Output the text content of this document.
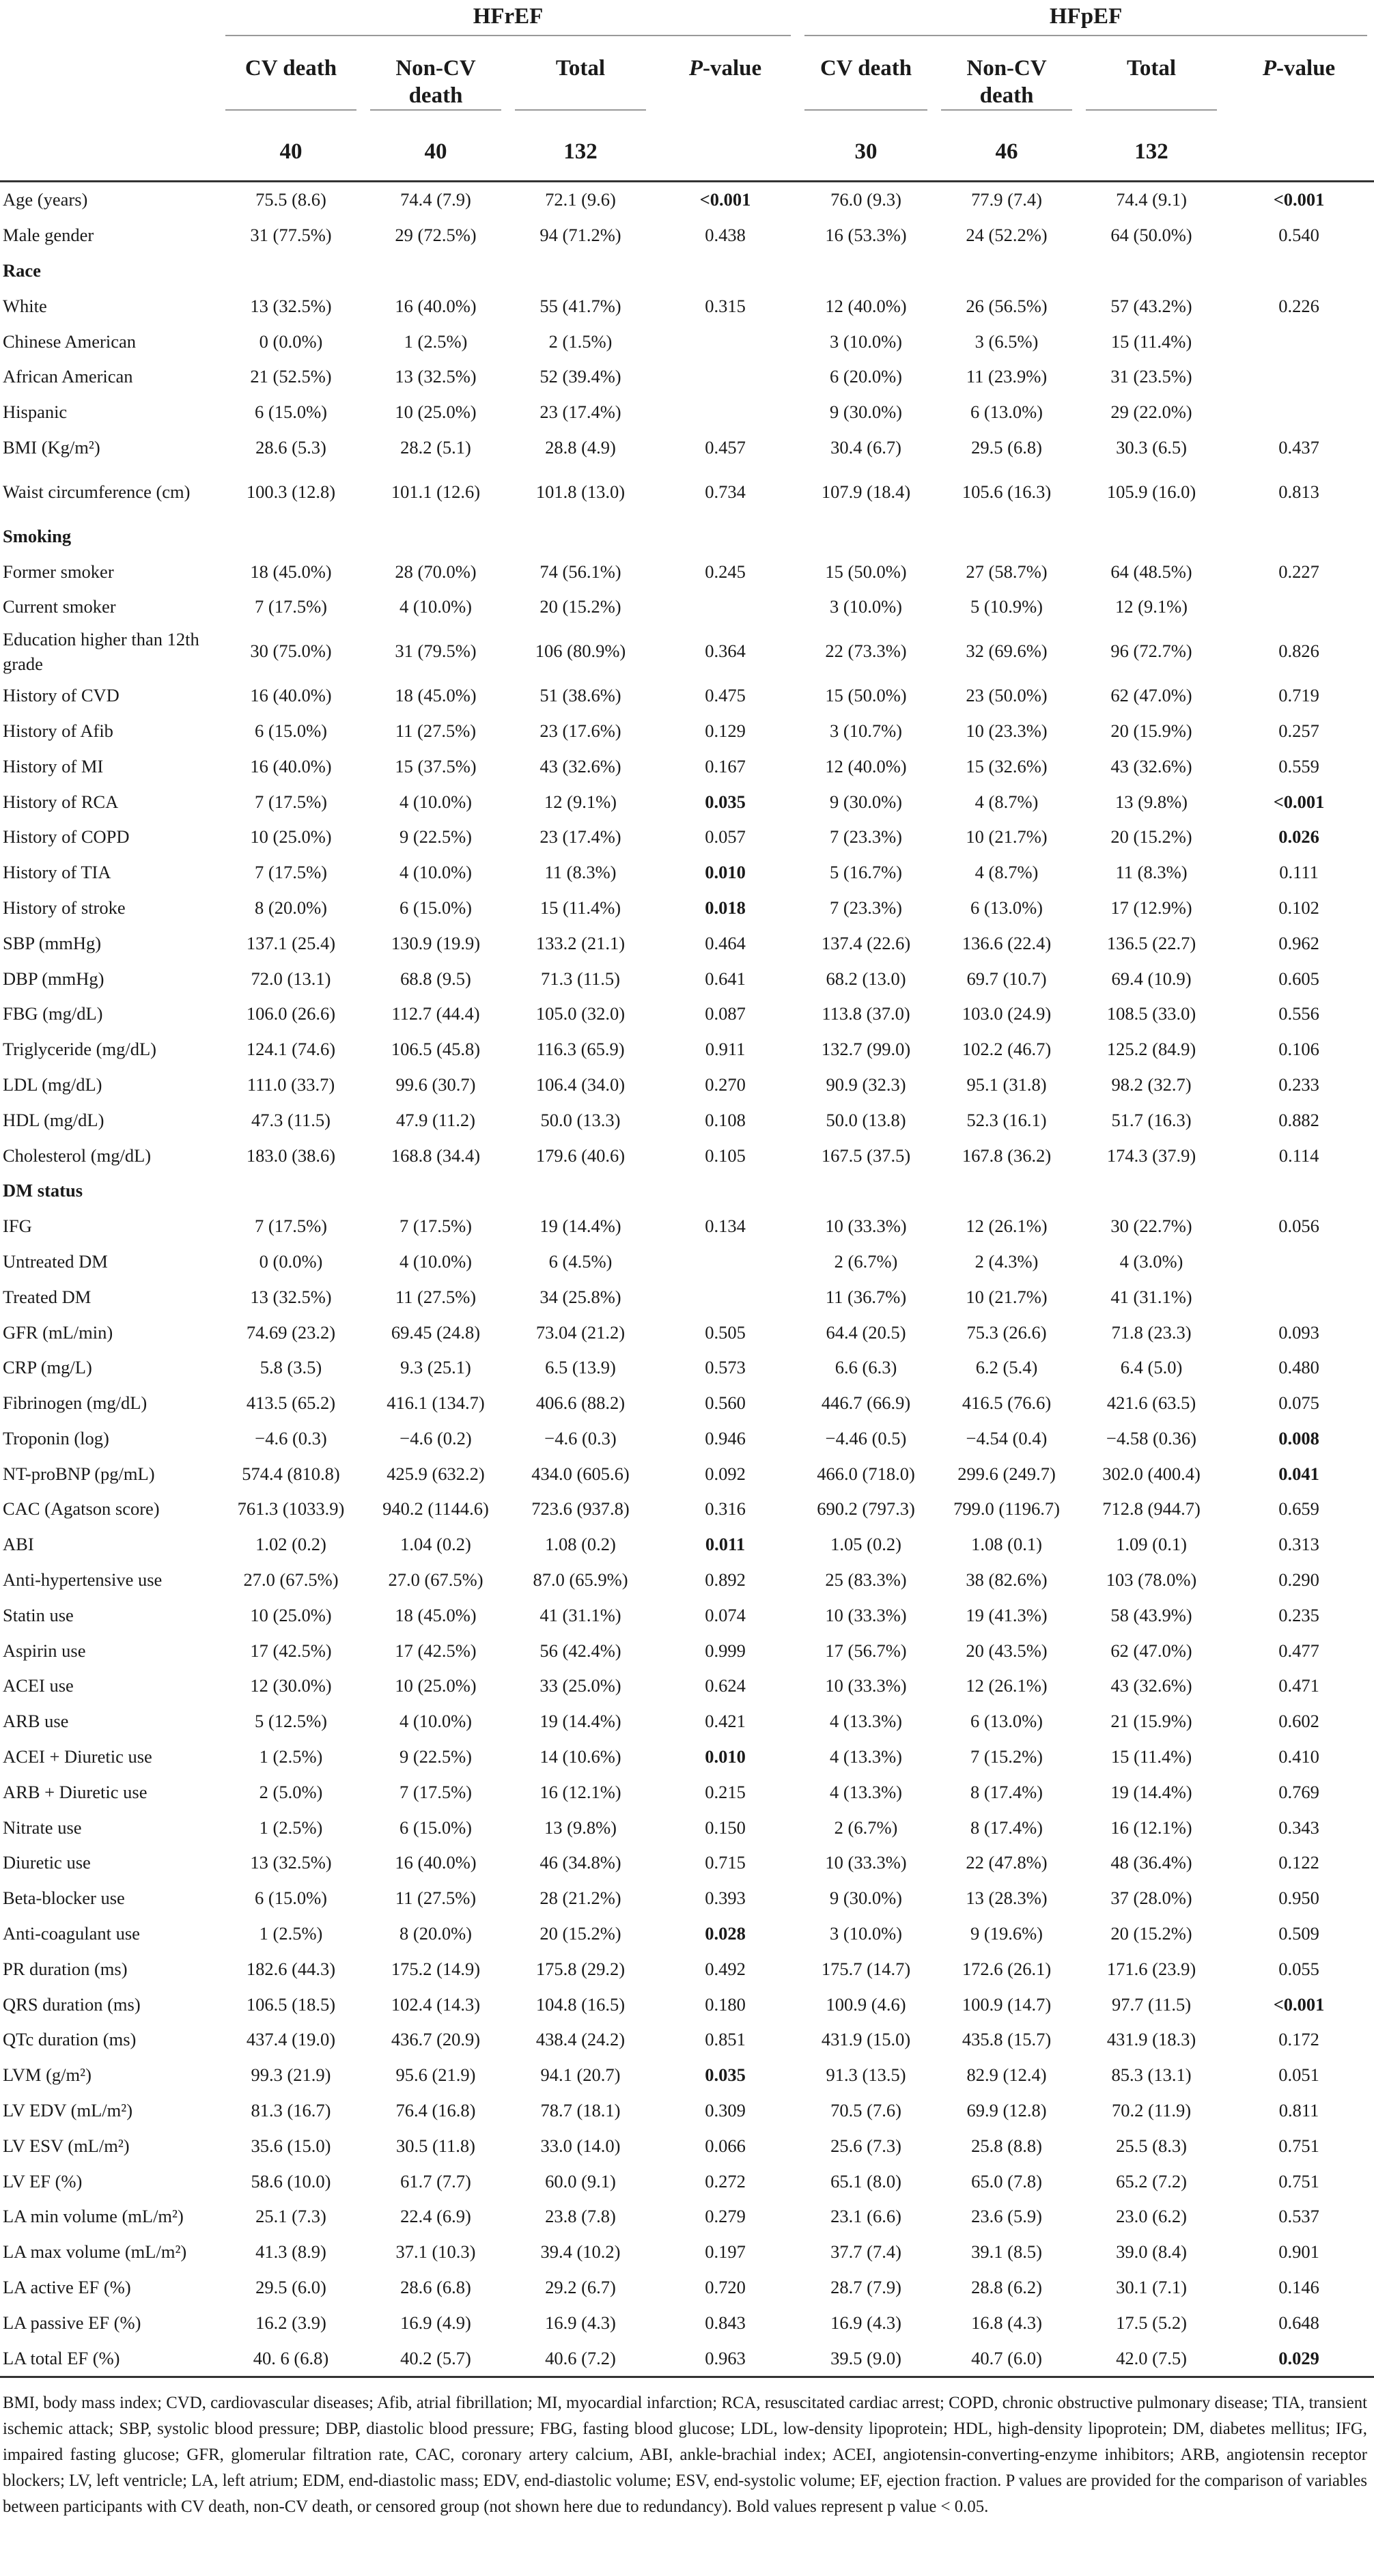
	HFrEF				HFpEF			

	CV death	Non-CV
death	Total	P-value	CV death	Non-CV
death	Total	P-value

	40	40	132		30	46	132	
Age (years)	75.5 (8.6)	74.4 (7.9)	72.1 (9.6)	<0.001	76.0 (9.3)	77.9 (7.4)	74.4 (9.1)	<0.001
Male gender	31 (77.5%)	29 (72.5%)	94 (71.2%)	0.438	16 (53.3%)	24 (52.2%)	64 (50.0%)	0.540
Race								
White	13 (32.5%)	16 (40.0%)	55 (41.7%)	0.315	12 (40.0%)	26 (56.5%)	57 (43.2%)	0.226
Chinese American	0 (0.0%)	1 (2.5%)	2 (1.5%)		3 (10.0%)	3 (6.5%)	15 (11.4%)	
African American	21 (52.5%)	13 (32.5%)	52 (39.4%)		6 (20.0%)	11 (23.9%)	31 (23.5%)	
Hispanic	6 (15.0%)	10 (25.0%)	23 (17.4%)		9 (30.0%)	6 (13.0%)	29 (22.0%)	
BMI (Kg/m²)	28.6 (5.3)	28.2 (5.1)	28.8 (4.9)	0.457	30.4 (6.7)	29.5 (6.8)	30.3 (6.5)	0.437
Waist circumference (cm)	100.3 (12.8)	101.1 (12.6)	101.8 (13.0)	0.734	107.9 (18.4)	105.6 (16.3)	105.9 (16.0)	0.813
Smoking								
Former smoker	18 (45.0%)	28 (70.0%)	74 (56.1%)	0.245	15 (50.0%)	27 (58.7%)	64 (48.5%)	0.227
Current smoker	7 (17.5%)	4 (10.0%)	20 (15.2%)		3 (10.0%)	5 (10.9%)	12 (9.1%)	
Education higher than 12th grade	30 (75.0%)	31 (79.5%)	106 (80.9%)	0.364	22 (73.3%)	32 (69.6%)	96 (72.7%)	0.826
History of CVD	16 (40.0%)	18 (45.0%)	51 (38.6%)	0.475	15 (50.0%)	23 (50.0%)	62 (47.0%)	0.719
History of Afib	6 (15.0%)	11 (27.5%)	23 (17.6%)	0.129	3 (10.7%)	10 (23.3%)	20 (15.9%)	0.257
History of MI	16 (40.0%)	15 (37.5%)	43 (32.6%)	0.167	12 (40.0%)	15 (32.6%)	43 (32.6%)	0.559
History of RCA	7 (17.5%)	4 (10.0%)	12 (9.1%)	0.035	9 (30.0%)	4 (8.7%)	13 (9.8%)	<0.001
History of COPD	10 (25.0%)	9 (22.5%)	23 (17.4%)	0.057	7 (23.3%)	10 (21.7%)	20 (15.2%)	0.026
History of TIA	7 (17.5%)	4 (10.0%)	11 (8.3%)	0.010	5 (16.7%)	4 (8.7%)	11 (8.3%)	0.111
History of stroke	8 (20.0%)	6 (15.0%)	15 (11.4%)	0.018	7 (23.3%)	6 (13.0%)	17 (12.9%)	0.102
SBP (mmHg)	137.1 (25.4)	130.9 (19.9)	133.2 (21.1)	0.464	137.4 (22.6)	136.6 (22.4)	136.5 (22.7)	0.962
DBP (mmHg)	72.0 (13.1)	68.8 (9.5)	71.3 (11.5)	0.641	68.2 (13.0)	69.7 (10.7)	69.4 (10.9)	0.605
FBG (mg/dL)	106.0 (26.6)	112.7 (44.4)	105.0 (32.0)	0.087	113.8 (37.0)	103.0 (24.9)	108.5 (33.0)	0.556
Triglyceride (mg/dL)	124.1 (74.6)	106.5 (45.8)	116.3 (65.9)	0.911	132.7 (99.0)	102.2 (46.7)	125.2 (84.9)	0.106
LDL (mg/dL)	111.0 (33.7)	99.6 (30.7)	106.4 (34.0)	0.270	90.9 (32.3)	95.1 (31.8)	98.2 (32.7)	0.233
HDL (mg/dL)	47.3 (11.5)	47.9 (11.2)	50.0 (13.3)	0.108	50.0 (13.8)	52.3 (16.1)	51.7 (16.3)	0.882
Cholesterol (mg/dL)	183.0 (38.6)	168.8 (34.4)	179.6 (40.6)	0.105	167.5 (37.5)	167.8 (36.2)	174.3 (37.9)	0.114
DM status								
IFG	7 (17.5%)	7 (17.5%)	19 (14.4%)	0.134	10 (33.3%)	12 (26.1%)	30 (22.7%)	0.056
Untreated DM	0 (0.0%)	4 (10.0%)	6 (4.5%)		2 (6.7%)	2 (4.3%)	4 (3.0%)	
Treated DM	13 (32.5%)	11 (27.5%)	34 (25.8%)		11 (36.7%)	10 (21.7%)	41 (31.1%)	
GFR (mL/min)	74.69 (23.2)	69.45 (24.8)	73.04 (21.2)	0.505	64.4 (20.5)	75.3 (26.6)	71.8 (23.3)	0.093
CRP (mg/L)	5.8 (3.5)	9.3 (25.1)	6.5 (13.9)	0.573	6.6 (6.3)	6.2 (5.4)	6.4 (5.0)	0.480
Fibrinogen (mg/dL)	413.5 (65.2)	416.1 (134.7)	406.6 (88.2)	0.560	446.7 (66.9)	416.5 (76.6)	421.6 (63.5)	0.075
Troponin (log)	−4.6 (0.3)	−4.6 (0.2)	−4.6 (0.3)	0.946	−4.46 (0.5)	−4.54 (0.4)	−4.58 (0.36)	0.008
NT-proBNP (pg/mL)	574.4 (810.8)	425.9 (632.2)	434.0 (605.6)	0.092	466.0 (718.0)	299.6 (249.7)	302.0 (400.4)	0.041
CAC (Agatson score)	761.3 (1033.9)	940.2 (1144.6)	723.6 (937.8)	0.316	690.2 (797.3)	799.0 (1196.7)	712.8 (944.7)	0.659
ABI	1.02 (0.2)	1.04 (0.2)	1.08 (0.2)	0.011	1.05 (0.2)	1.08 (0.1)	1.09 (0.1)	0.313
Anti-hypertensive use	27.0 (67.5%)	27.0 (67.5%)	87.0 (65.9%)	0.892	25 (83.3%)	38 (82.6%)	103 (78.0%)	0.290
Statin use	10 (25.0%)	18 (45.0%)	41 (31.1%)	0.074	10 (33.3%)	19 (41.3%)	58 (43.9%)	0.235
Aspirin use	17 (42.5%)	17 (42.5%)	56 (42.4%)	0.999	17 (56.7%)	20 (43.5%)	62 (47.0%)	0.477
ACEI use	12 (30.0%)	10 (25.0%)	33 (25.0%)	0.624	10 (33.3%)	12 (26.1%)	43 (32.6%)	0.471
ARB use	5 (12.5%)	4 (10.0%)	19 (14.4%)	0.421	4 (13.3%)	6 (13.0%)	21 (15.9%)	0.602
ACEI + Diuretic use	1 (2.5%)	9 (22.5%)	14 (10.6%)	0.010	4 (13.3%)	7 (15.2%)	15 (11.4%)	0.410
ARB + Diuretic use	2 (5.0%)	7 (17.5%)	16 (12.1%)	0.215	4 (13.3%)	8 (17.4%)	19 (14.4%)	0.769
Nitrate use	1 (2.5%)	6 (15.0%)	13 (9.8%)	0.150	2 (6.7%)	8 (17.4%)	16 (12.1%)	0.343
Diuretic use	13 (32.5%)	16 (40.0%)	46 (34.8%)	0.715	10 (33.3%)	22 (47.8%)	48 (36.4%)	0.122
Beta-blocker use	6 (15.0%)	11 (27.5%)	28 (21.2%)	0.393	9 (30.0%)	13 (28.3%)	37 (28.0%)	0.950
Anti-coagulant use	1 (2.5%)	8 (20.0%)	20 (15.2%)	0.028	3 (10.0%)	9 (19.6%)	20 (15.2%)	0.509
PR duration (ms)	182.6 (44.3)	175.2 (14.9)	175.8 (29.2)	0.492	175.7 (14.7)	172.6 (26.1)	171.6 (23.9)	0.055
QRS duration (ms)	106.5 (18.5)	102.4 (14.3)	104.8 (16.5)	0.180	100.9 (4.6)	100.9 (14.7)	97.7 (11.5)	<0.001
QTc duration (ms)	437.4 (19.0)	436.7 (20.9)	438.4 (24.2)	0.851	431.9 (15.0)	435.8 (15.7)	431.9 (18.3)	0.172
LVM (g/m²)	99.3 (21.9)	95.6 (21.9)	94.1 (20.7)	0.035	91.3 (13.5)	82.9 (12.4)	85.3 (13.1)	0.051
LV EDV (mL/m²)	81.3 (16.7)	76.4 (16.8)	78.7 (18.1)	0.309	70.5 (7.6)	69.9 (12.8)	70.2 (11.9)	0.811
LV ESV (mL/m²)	35.6 (15.0)	30.5 (11.8)	33.0 (14.0)	0.066	25.6 (7.3)	25.8 (8.8)	25.5 (8.3)	0.751
LV EF (%)	58.6 (10.0)	61.7 (7.7)	60.0 (9.1)	0.272	65.1 (8.0)	65.0 (7.8)	65.2 (7.2)	0.751
LA min volume (mL/m²)	25.1 (7.3)	22.4 (6.9)	23.8 (7.8)	0.279	23.1 (6.6)	23.6 (5.9)	23.0 (6.2)	0.537
LA max volume (mL/m²)	41.3 (8.9)	37.1 (10.3)	39.4 (10.2)	0.197	37.7 (7.4)	39.1 (8.5)	39.0 (8.4)	0.901
LA active EF (%)	29.5 (6.0)	28.6 (6.8)	29.2 (6.7)	0.720	28.7 (7.9)	28.8 (6.2)	30.1 (7.1)	0.146
LA passive EF (%)	16.2 (3.9)	16.9 (4.9)	16.9 (4.3)	0.843	16.9 (4.3)	16.8 (4.3)	17.5 (5.2)	0.648
LA total EF (%)	40. 6 (6.8)	40.2 (5.7)	40.6 (7.2)	0.963	39.5 (9.0)	40.7 (6.0)	42.0 (7.5)	0.029
BMI, body mass index; CVD, cardiovascular diseases; Afib, atrial fibrillation; MI, myocardial infarction; RCA, resuscitated cardiac arrest; COPD, chronic obstructive pulmonary disease; TIA, transient ischemic attack; SBP, systolic blood pressure; DBP, diastolic blood pressure; FBG, fasting blood glucose; LDL, low-density lipoprotein; HDL, high-density lipoprotein; DM, diabetes mellitus; IFG, impaired fasting glucose; GFR, glomerular filtration rate, CAC, coronary artery calcium, ABI, ankle-brachial index; ACEI, angiotensin-converting-enzyme inhibitors; ARB, angiotensin receptor blockers; LV, left ventricle; LA, left atrium; EDM, end-diastolic mass; EDV, end-diastolic volume; ESV, end-systolic volume; EF, ejection fraction. P values are provided for the comparison of variables between participants with CV death, non-CV death, or censored group (not shown here due to redundancy). Bold values represent p value < 0.05.
